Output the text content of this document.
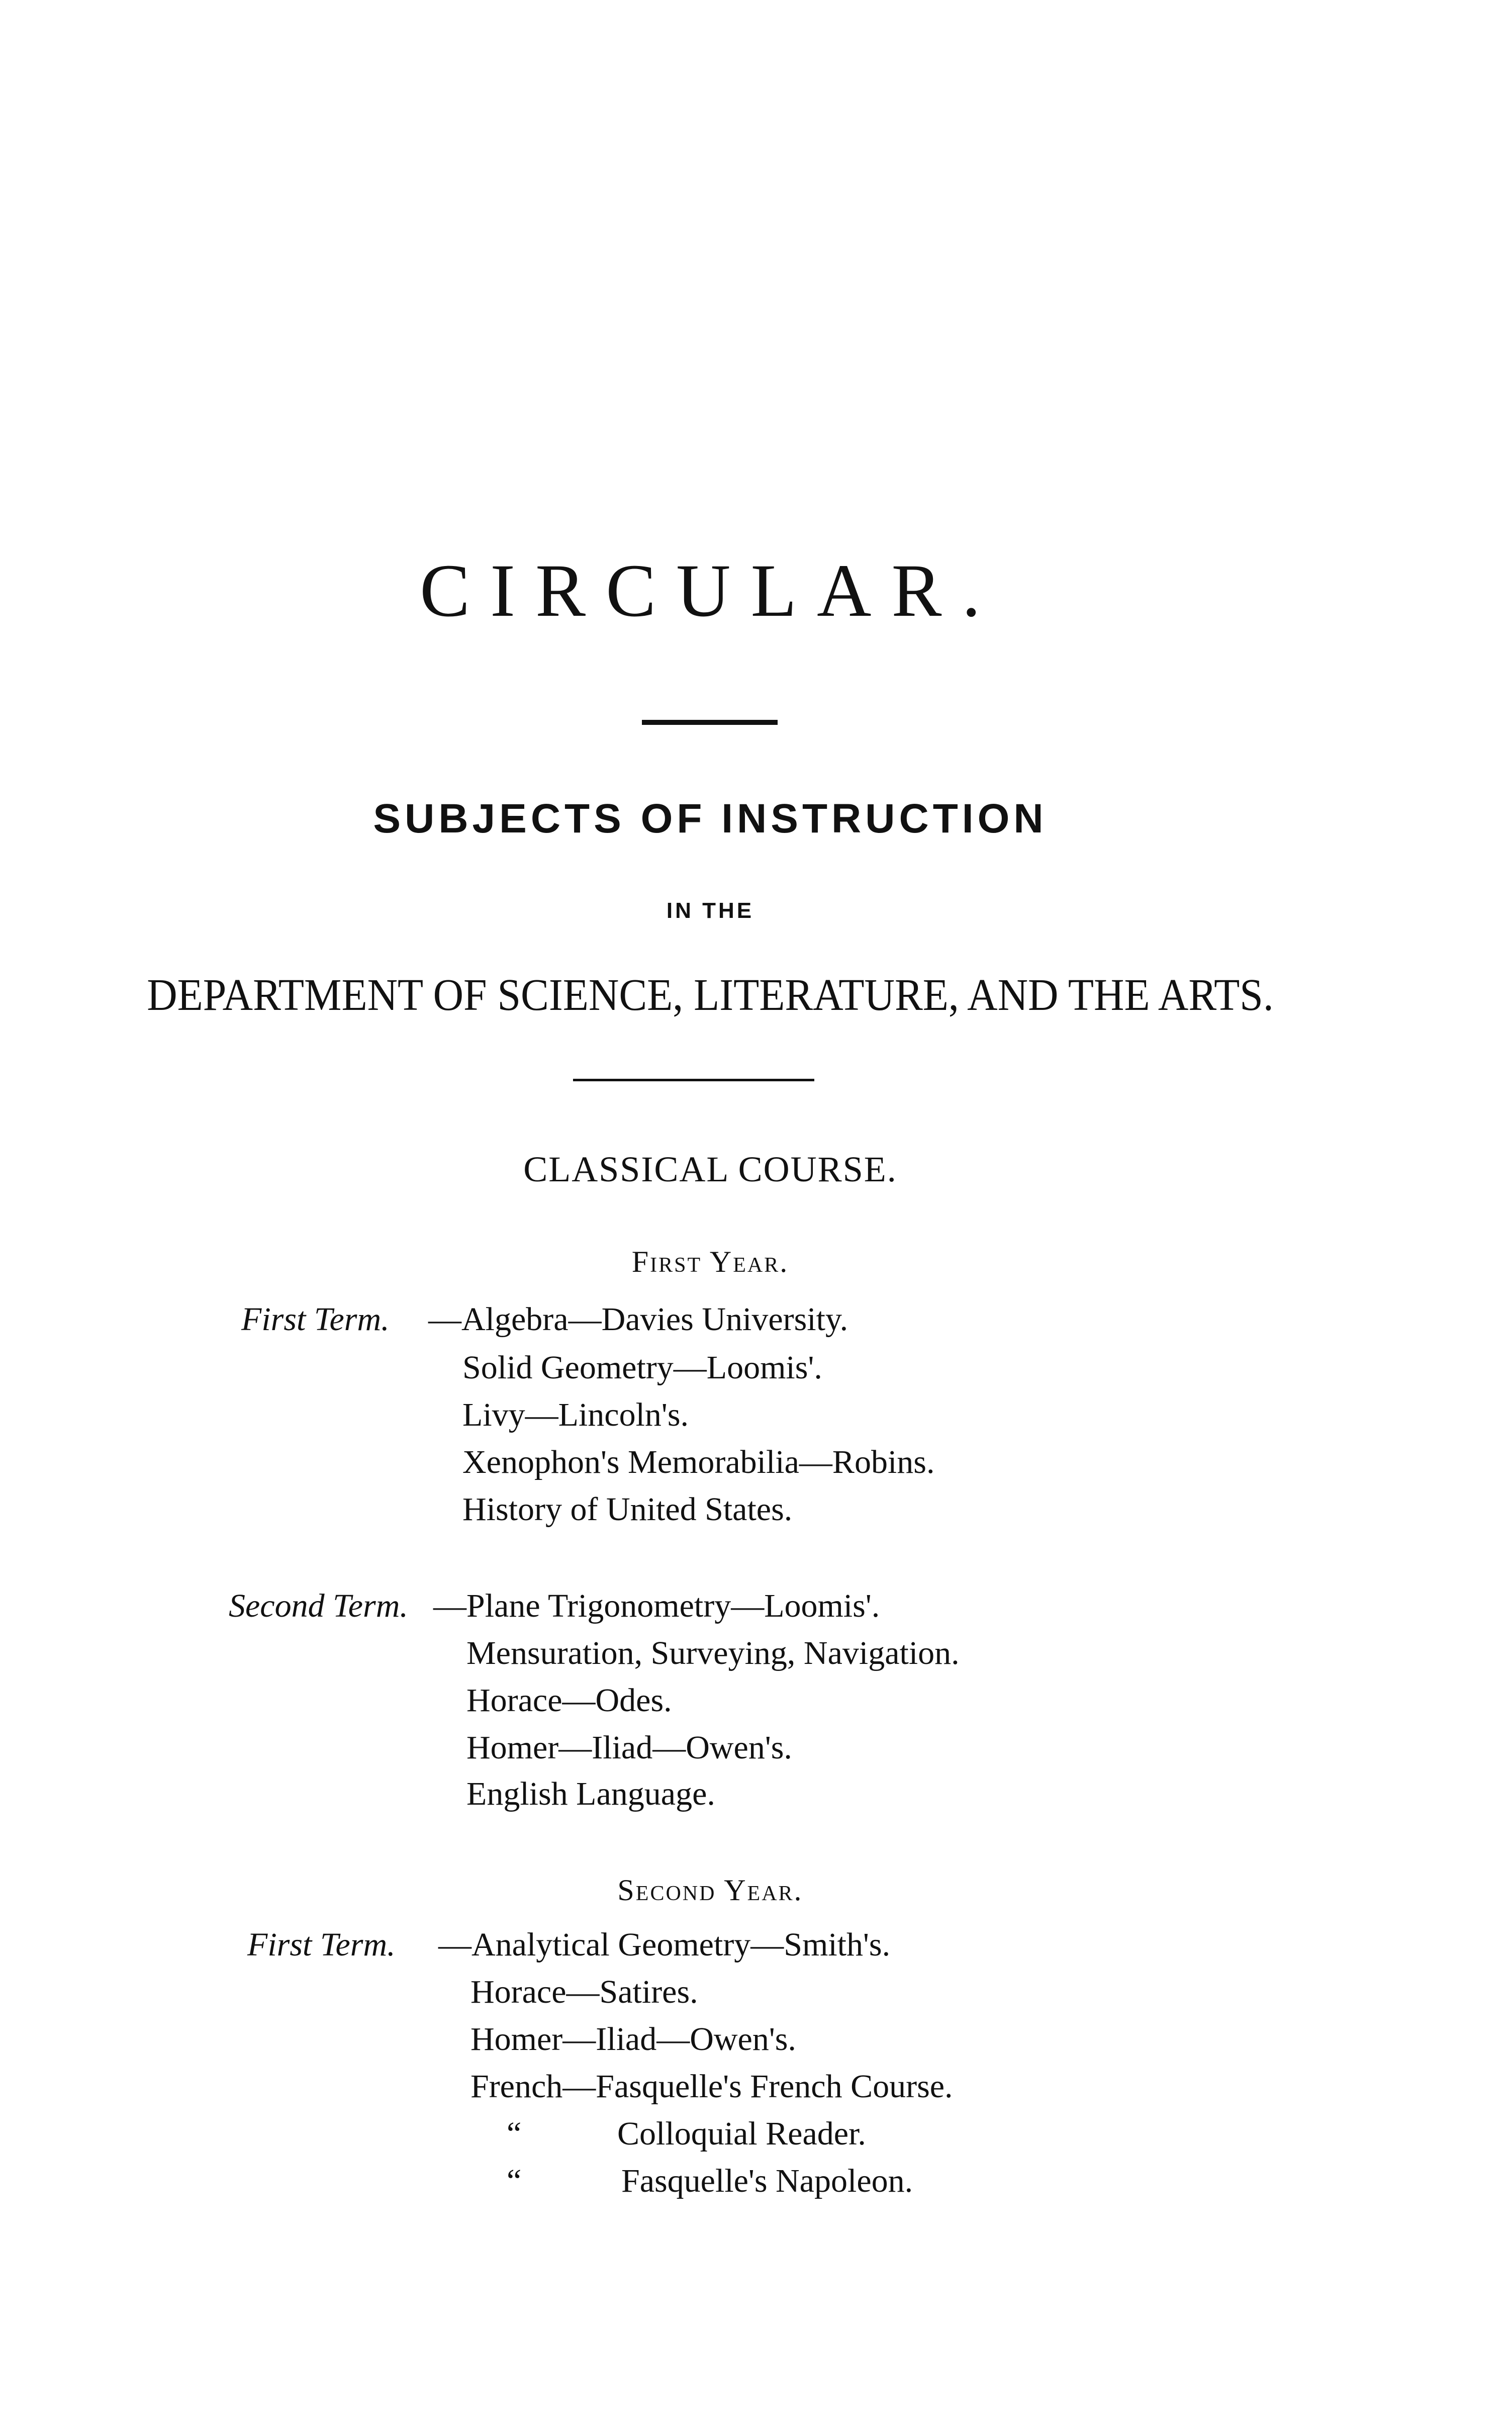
CIRCULAR.
SUBJECTS OF INSTRUCTION
IN THE
DEPARTMENT OF SCIENCE, LITERATURE, AND THE ARTS.
CLASSICAL COURSE.
First Year.
First Term. —Algebra—Davies University.
Solid Geometry—Loomis'.
Livy—Lincoln's.
Xenophon's Memorabilia—Robins.
History of United States.
Second Term. —Plane Trigonometry—Loomis'.
Mensuration, Surveying, Navigation.
Horace—Odes.
Homer—Iliad—Owen's.
English Language.
Second Year.
First Term. —Analytical Geometry—Smith's.
Horace—Satires.
Homer—Iliad—Owen's.
French—Fasquelle's French Course.
“	Colloquial Reader.
“	Fasquelle's Napoleon.
